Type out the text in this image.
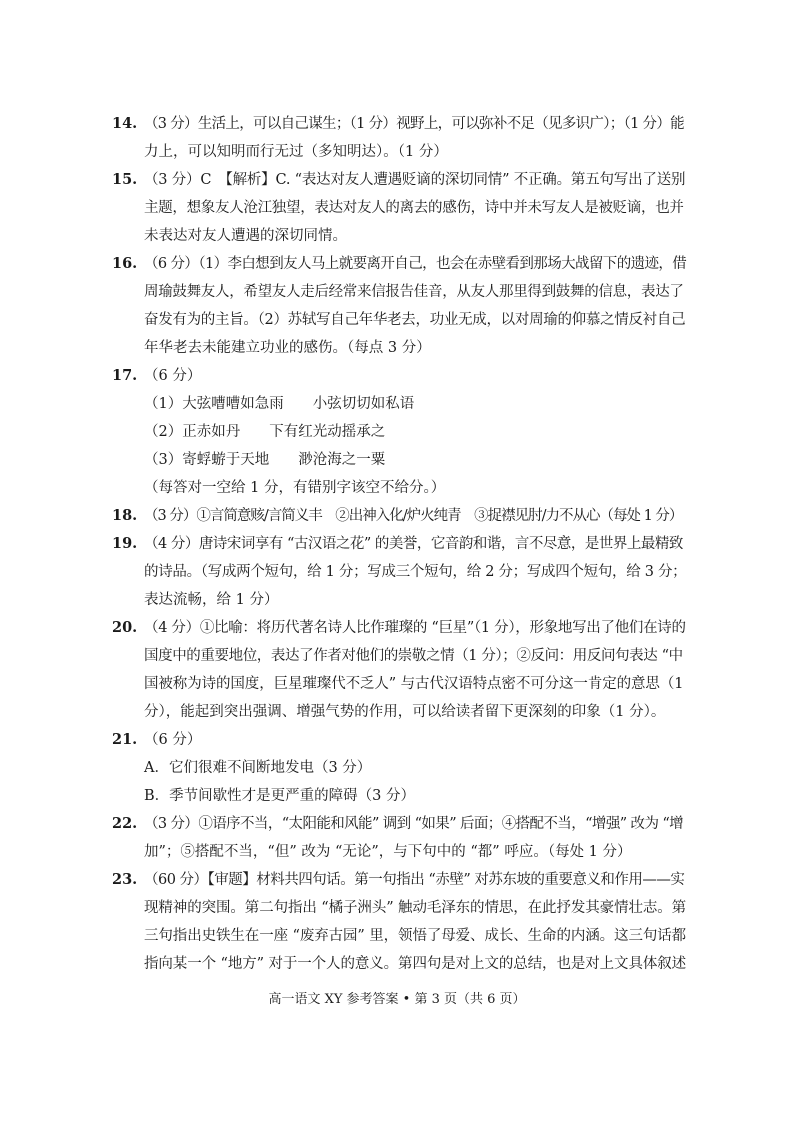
14. （3 分）生活上，可以自己谋生；（1 分）视野上，可以弥补不足（见多识广）；（1 分）能
力上，可以知明而行无过（多知明达）。（1 分）
15. （3 分）C　【解析】C. “表达对友人遭遇贬谪的深切同情” 不正确。第五句写出了送别
主题，想象友人沧江独望，表达对友人的离去的感伤，诗中并未写友人是被贬谪，也并
未表达对友人遭遇的深切同情。
16. （6 分）（1）李白想到友人马上就要离开自己，也会在赤壁看到那场大战留下的遗迹，借
周瑜鼓舞友人，希望友人走后经常来信报告佳音，从友人那里得到鼓舞的信息，表达了
奋发有为的主旨。（2）苏轼写自己年华老去，功业无成，以对周瑜的仰慕之情反衬自己
年华老去未能建立功业的感伤。（每点 3 分）
17. （6 分）
（1）大弦嘈嘈如急雨　　小弦切切如私语
（2）正赤如丹　　下有红光动摇承之
（3）寄蜉蝣于天地　　渺沧海之一粟
（每答对一空给 1 分，有错别字该空不给分。）
18. （3 分）①言简意赅/言简义丰　②出神入化/炉火纯青　③捉襟见肘/力不从心（每处 1 分）
19. （4 分）唐诗宋词享有 “古汉语之花” 的美誉，它音韵和谐，言不尽意，是世界上最精致
的诗品。（写成两个短句，给 1 分；写成三个短句，给 2 分；写成四个短句，给 3 分；
表达流畅，给 1 分）
20. （4 分）①比喻：将历代著名诗人比作璀璨的 “巨星”（1 分），形象地写出了他们在诗的
国度中的重要地位，表达了作者对他们的崇敬之情（1 分）；②反问：用反问句表达 “中
国被称为诗的国度，巨星璀璨代不乏人” 与古代汉语特点密不可分这一肯定的意思（1
分），能起到突出强调、增强气势的作用，可以给读者留下更深刻的印象（1 分）。
21. （6 分）
A．它们很难不间断地发电（3 分）
B．季节间歇性才是更严重的障碍（3 分）
22. （3 分）①语序不当，“太阳能和风能” 调到 “如果” 后面；④搭配不当，“增强” 改为 “增
加”；⑤搭配不当，“但” 改为 “无论”，与下句中的 “都” 呼应。（每处 1 分）
23. （60 分）【审题】材料共四句话。第一句指出 “赤壁” 对苏东坡的重要意义和作用——实
现精神的突围。第二句指出 “橘子洲头” 触动毛泽东的情思，在此抒发其豪情壮志。第
三句指出史铁生在一座 “废弃古园” 里，领悟了母爱、成长、生命的内涵。这三句话都
指向某一个 “地方” 对于一个人的意义。第四句是对上文的总结，也是对上文具体叙述
高一语文 XY 参考答案 • 第 3 页（共 6 页）
